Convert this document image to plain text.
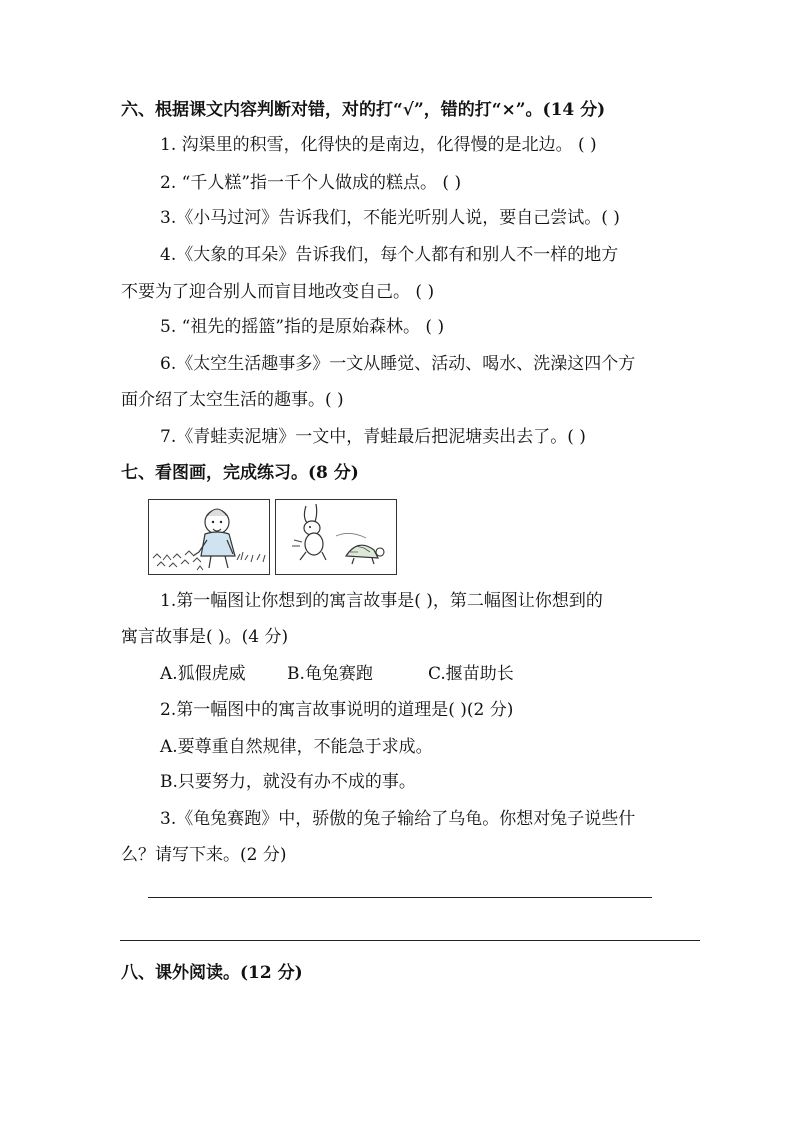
六、根据课文内容判断对错，对的打“√”，错的打“×”。(14 分)
1. 沟渠里的积雪，化得快的是南边，化得慢的是北边。 ( )
2. “千人糕”指一千个人做成的糕点。 ( )
3.《小马过河》告诉我们，不能光听别人说，要自己尝试。( )
4.《大象的耳朵》告诉我们，每个人都有和别人不一样的地方
不要为了迎合别人而盲目地改变自己。 ( )
5. “祖先的摇篮”指的是原始森林。 ( )
6.《太空生活趣事多》一文从睡觉、活动、喝水、洗澡这四个方
面介绍了太空生活的趣事。( )
7.《青蛙卖泥塘》一文中，青蛙最后把泥塘卖出去了。( )
七、看图画，完成练习。(8 分)
1.第一幅图让你想到的寓言故事是( )，第二幅图让你想到的
寓言故事是( )。(4 分)
A.狐假虎威 B.龟兔赛跑	C.揠苗助长
2.第一幅图中的寓言故事说明的道理是( )(2 分)
A.要尊重自然规律，不能急于求成。
B.只要努力，就没有办不成的事。
3.《龟兔赛跑》中，骄傲的兔子输给了乌龟。你想对兔子说些什
么？请写下来。(2 分)
八、课外阅读。(12 分)
